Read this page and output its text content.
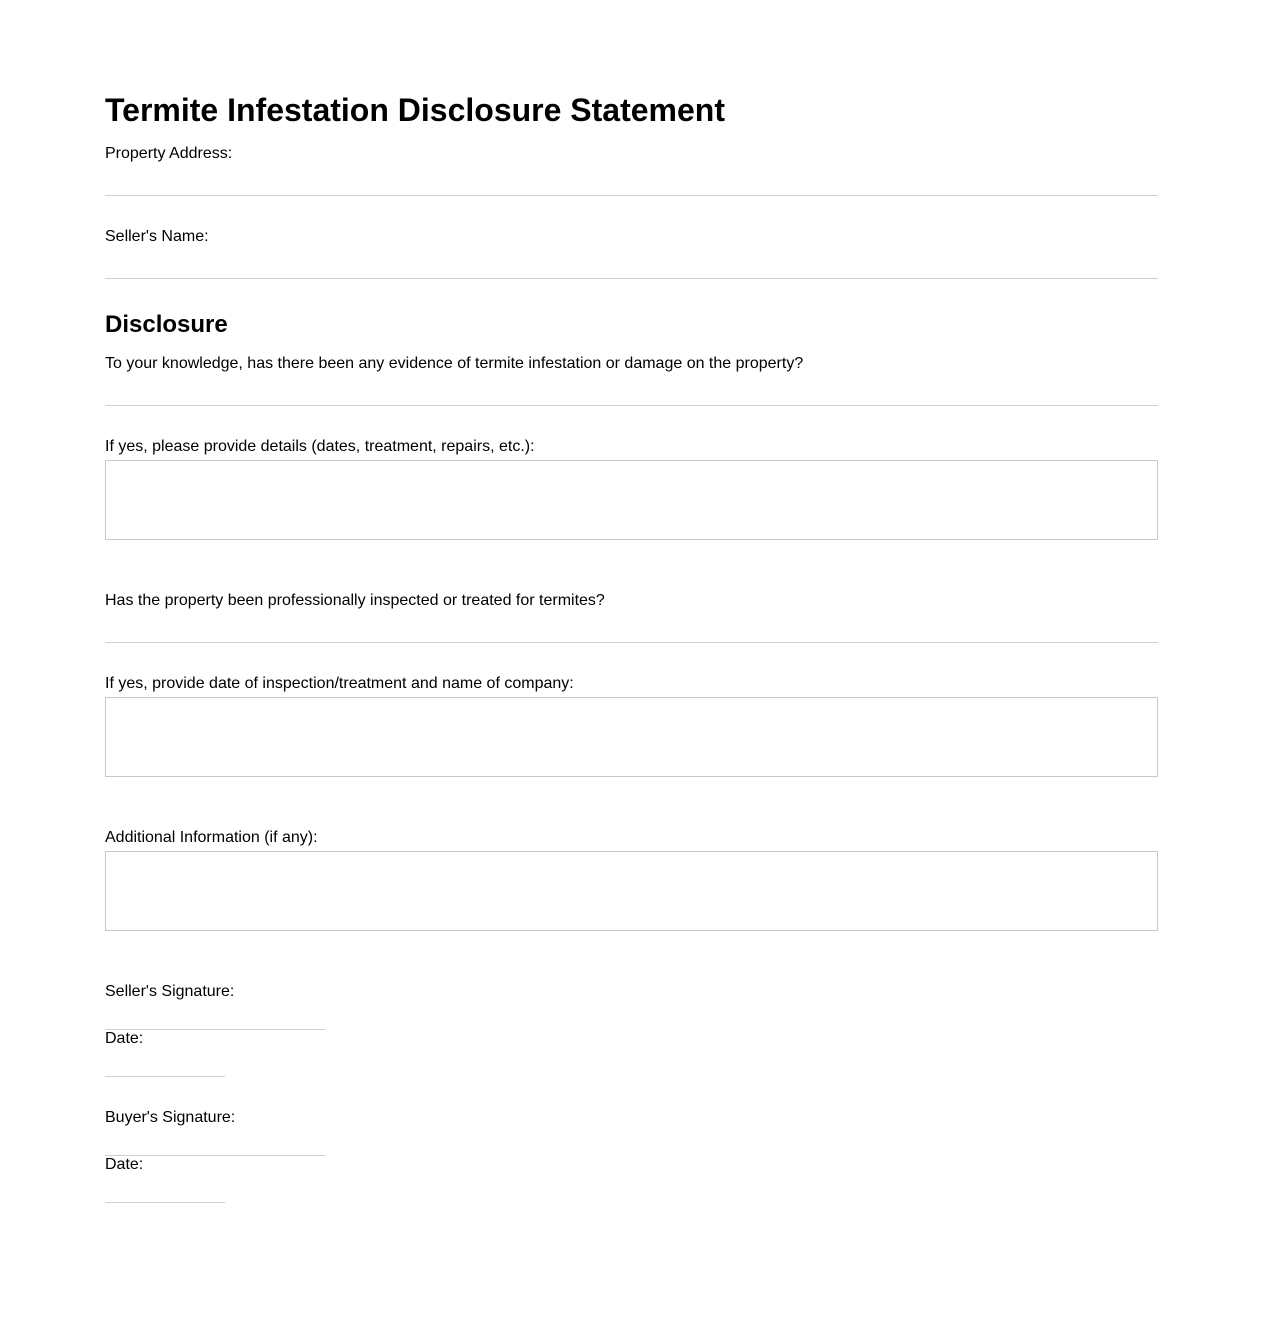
Termite Infestation Disclosure Statement
Property Address:
Seller's Name:
Disclosure
To your knowledge, has there been any evidence of termite infestation or damage on the property?
If yes, please provide details (dates, treatment, repairs, etc.):
Has the property been professionally inspected or treated for termites?
If yes, provide date of inspection/treatment and name of company:
Additional Information (if any):
Seller's Signature:
Date:
Buyer's Signature:
Date:
